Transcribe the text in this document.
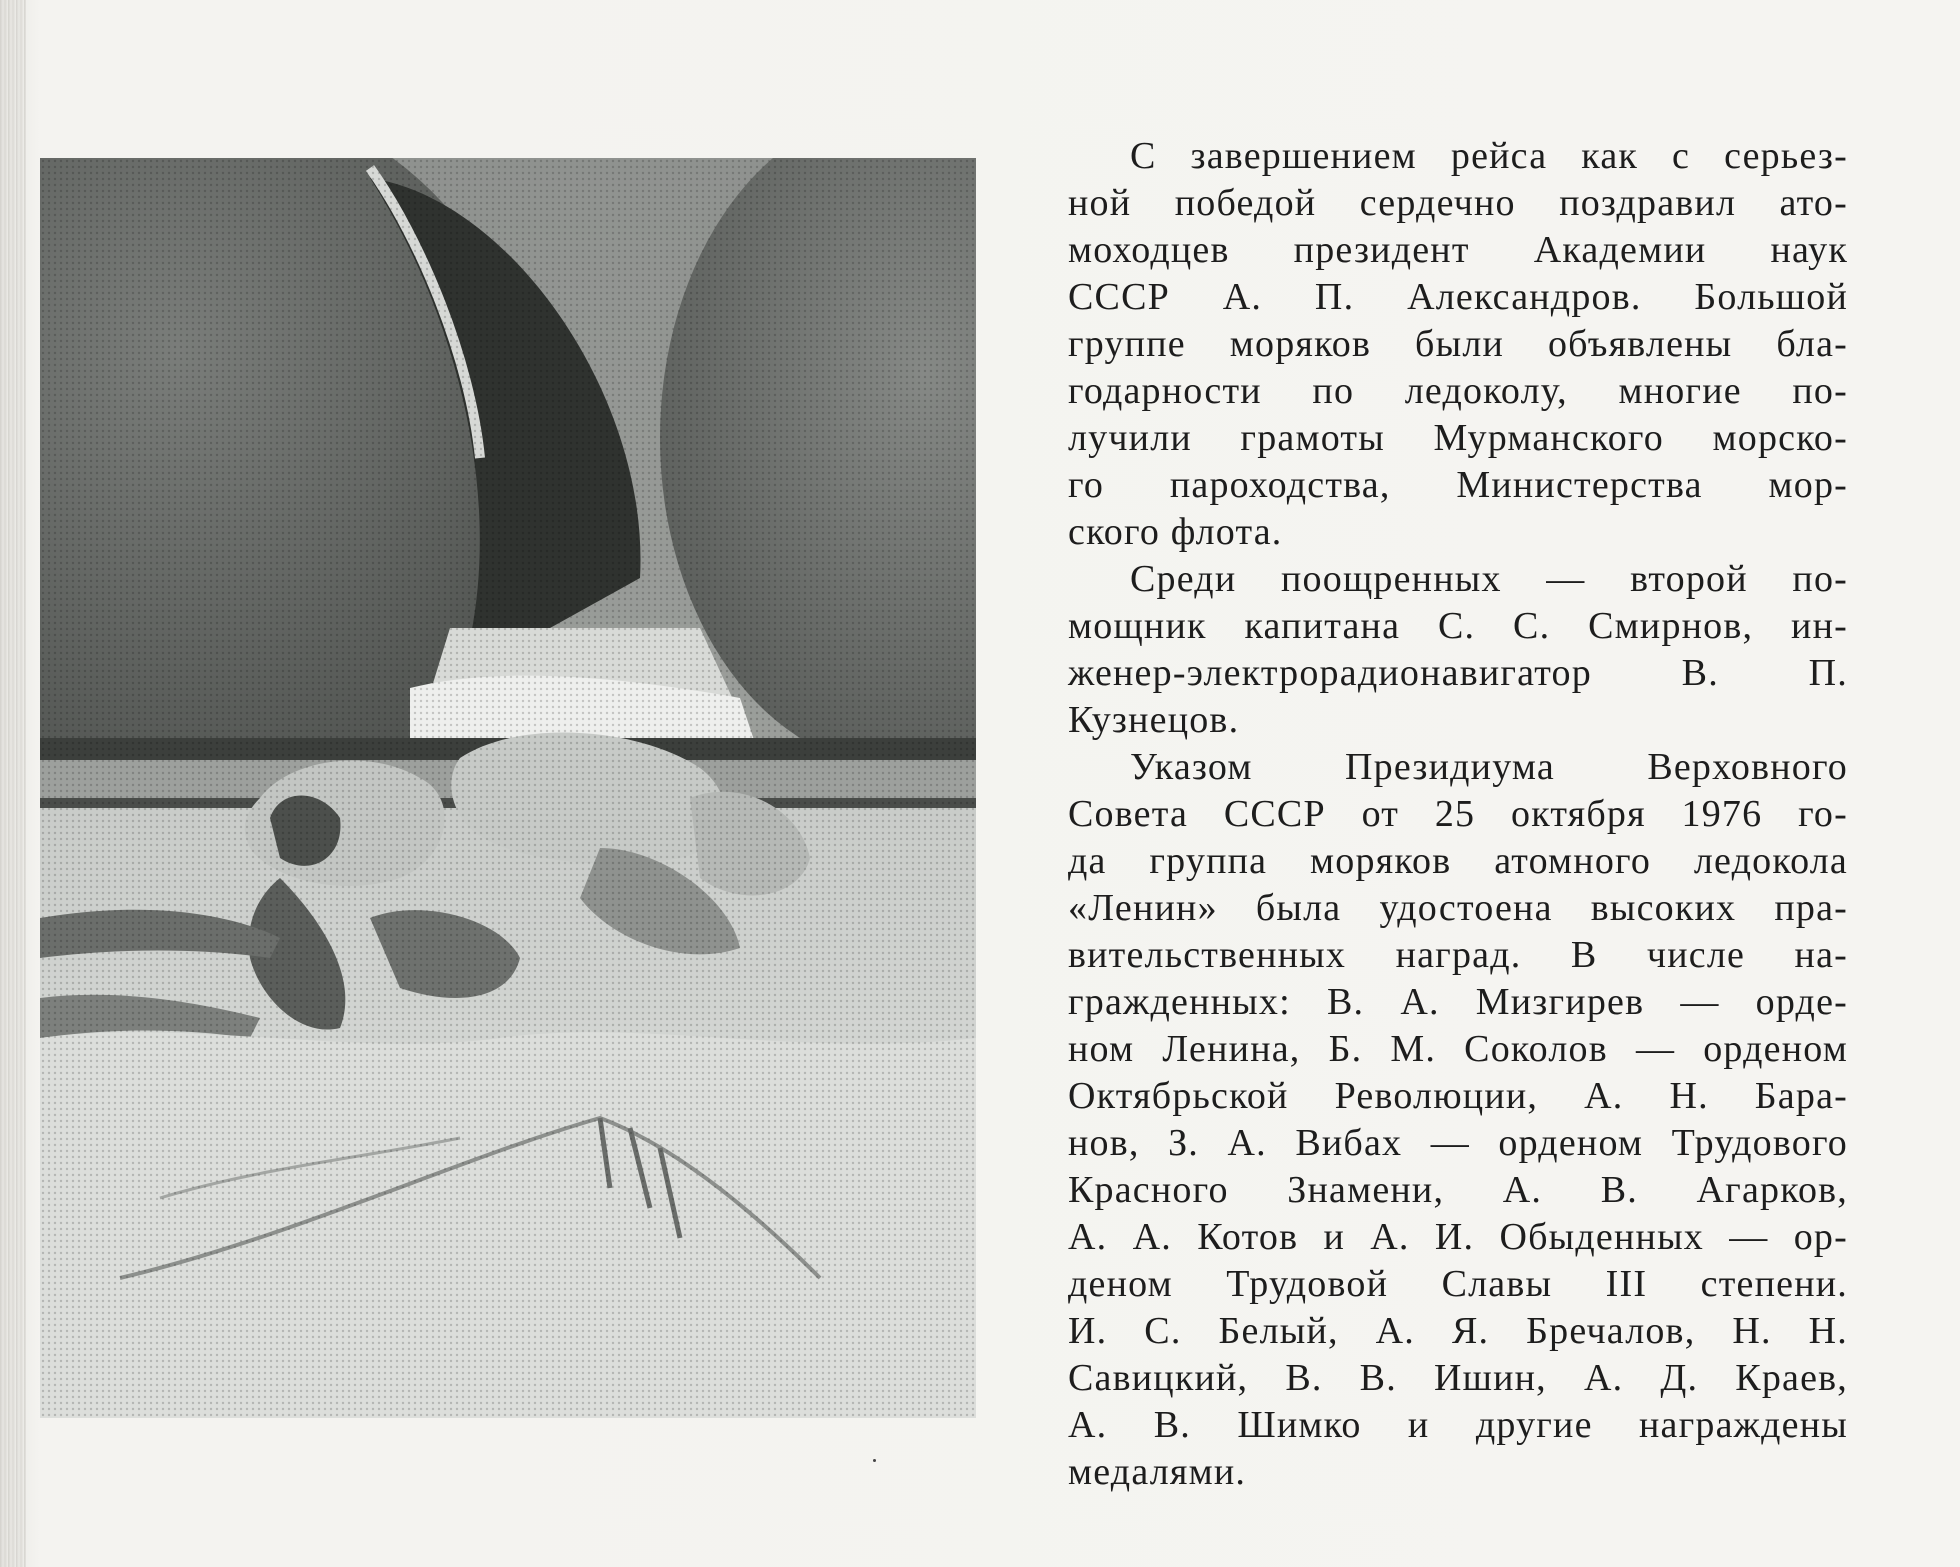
С завершением рейса как с серьез-
ной победой сердечно поздравил ато-
моходцев президент Академии наук
СССР А. П. Александров. Большой
группе моряков были объявлены бла-
годарности по ледоколу, многие по-
лучили грамоты Мурманского морско-
го пароходства, Министерства мор-
ского флота.

Среди поощренных — второй по-
мощник капитана С. С. Смирнов, ин-
женер-электрорадионавигатор В. П.
Кузнецов.

Указом Президиума Верховного
Совета СССР от 25 октября 1976 го-
да группа моряков атомного ледокола
«Ленин» была удостоена высоких пра-
вительственных наград. В числе на-
гражденных: В. А. Мизгирев — орде-
ном Ленина, Б. М. Соколов — орденом
Октябрьской Революции, А. Н. Бара-
нов, З. А. Вибах — орденом Трудового
Красного Знамени, А. В. Агарков,
А. А. Котов и А. И. Обыденных — ор-
деном Трудовой Славы III степени.
И. С. Белый, А. Я. Бречалов, Н. Н.
Савицкий, В. В. Ишин, А. Д. Краев,
А. В. Шимко и другие награждены
медалями.
